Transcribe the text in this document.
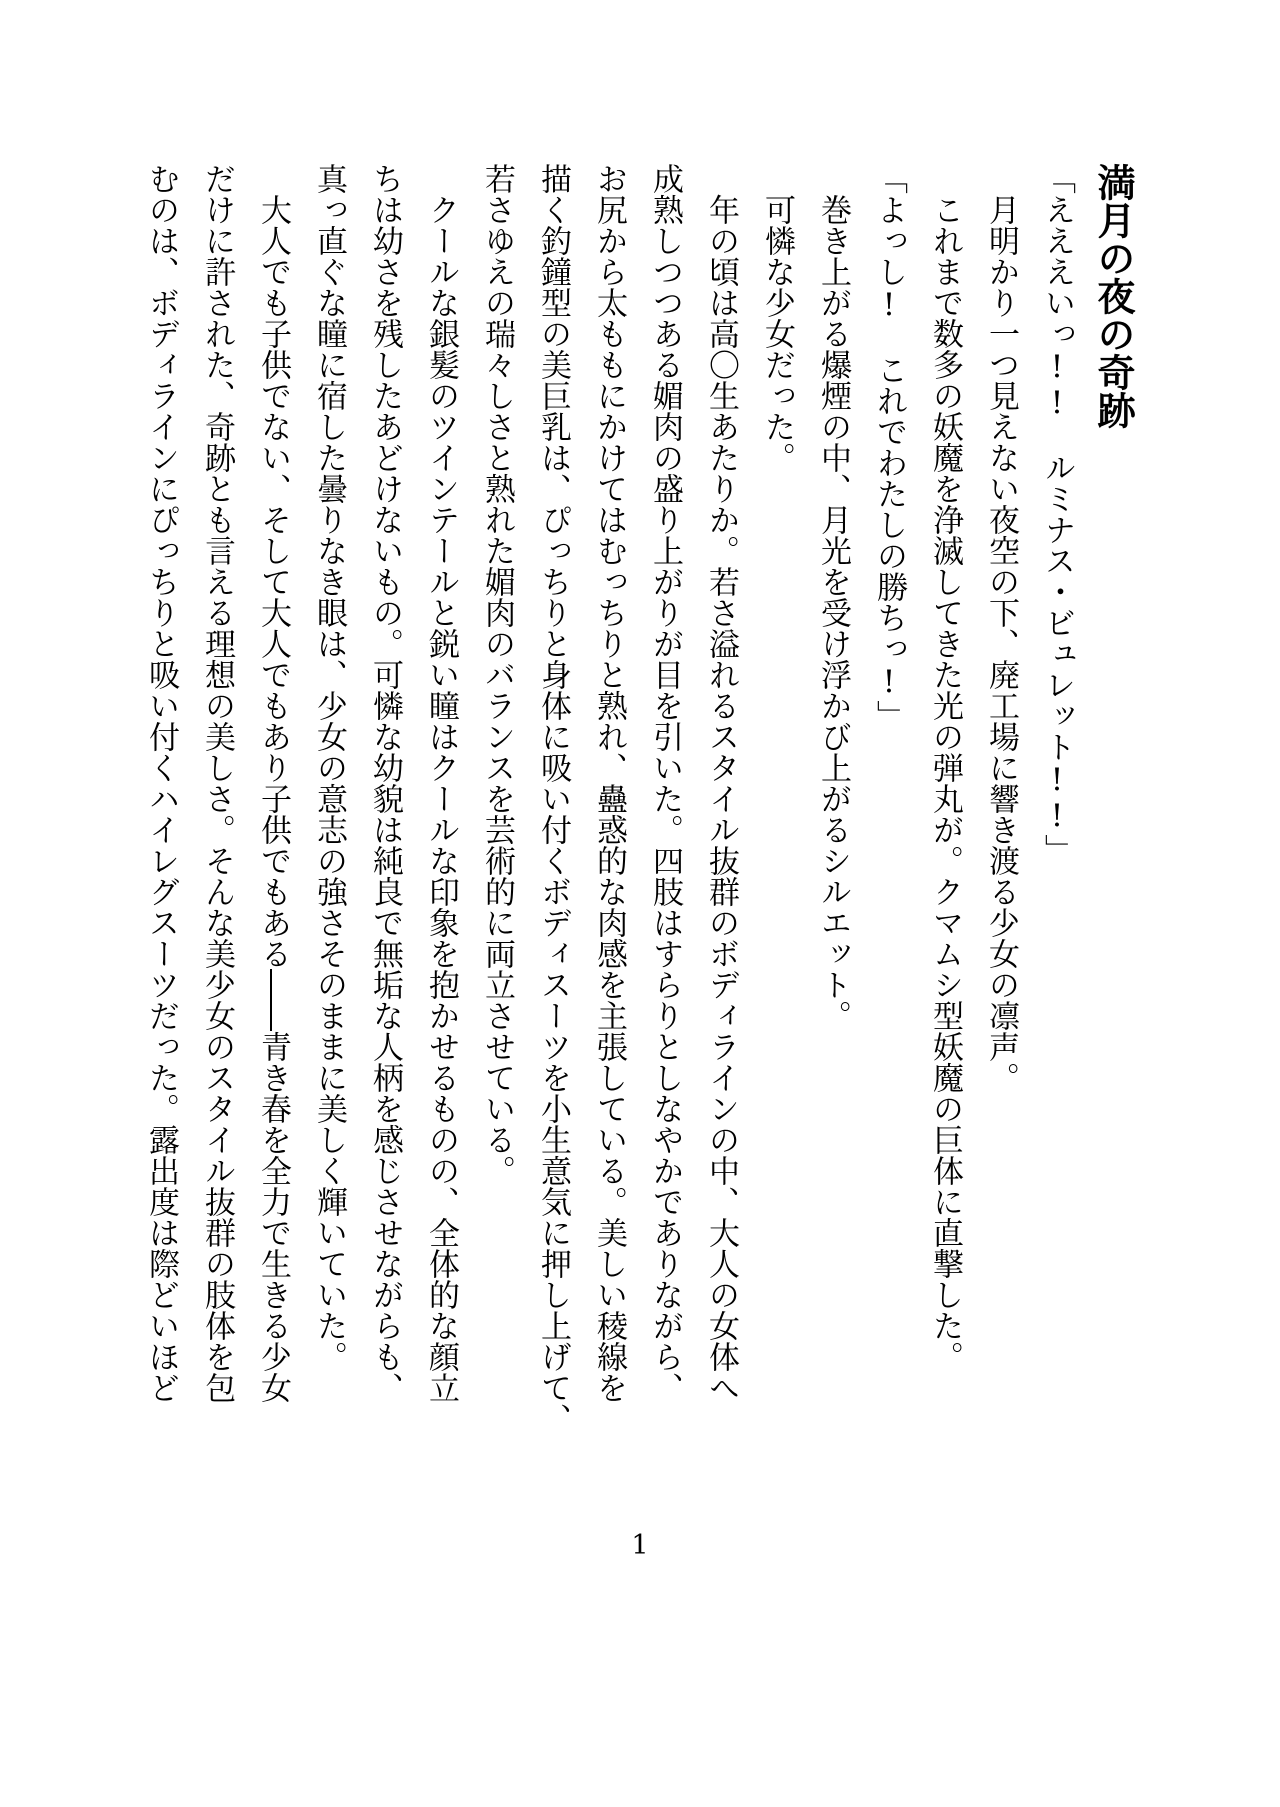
満月の夜の奇跡
「えええいっ!!　ルミナス・ビュレット!!」
　月明かり一つ見えない夜空の下、廃工場に響き渡る少女の凛声。
　これまで数多の妖魔を浄滅してきた光の弾丸が。クマムシ型妖魔の巨体に直撃した。
「よっし!　これでわたしの勝ちっ!」
　巻き上がる爆煙の中、月光を受け浮かび上がるシルエット。
　可憐な少女だった。
　年の頃は高〇生あたりか。若さ溢れるスタイル抜群のボディラインの中、大人の女体へ
成熟しつつある媚肉の盛り上がりが目を引いた。四肢はすらりとしなやかでありながら、
お尻から太ももにかけてはむっちりと熟れ、蠱惑的な肉感を主張している。美しい稜線を
描く釣鐘型の美巨乳は、ぴっちりと身体に吸い付くボディスーツを小生意気に押し上げて、
若さゆえの瑞々しさと熟れた媚肉のバランスを芸術的に両立させている。
　クールな銀髪のツインテールと鋭い瞳はクールな印象を抱かせるものの、全体的な顔立
ちは幼さを残したあどけないもの。可憐な幼貌は純良で無垢な人柄を感じさせながらも、
真っ直ぐな瞳に宿した曇りなき眼は、少女の意志の強さそのままに美しく輝いていた。
　大人でも子供でない、そして大人でもあり子供でもある――青き春を全力で生きる少女
だけに許された、奇跡とも言える理想の美しさ。そんな美少女のスタイル抜群の肢体を包
むのは、ボディラインにぴっちりと吸い付くハイレグスーツだった。露出度は際どいほど
1
